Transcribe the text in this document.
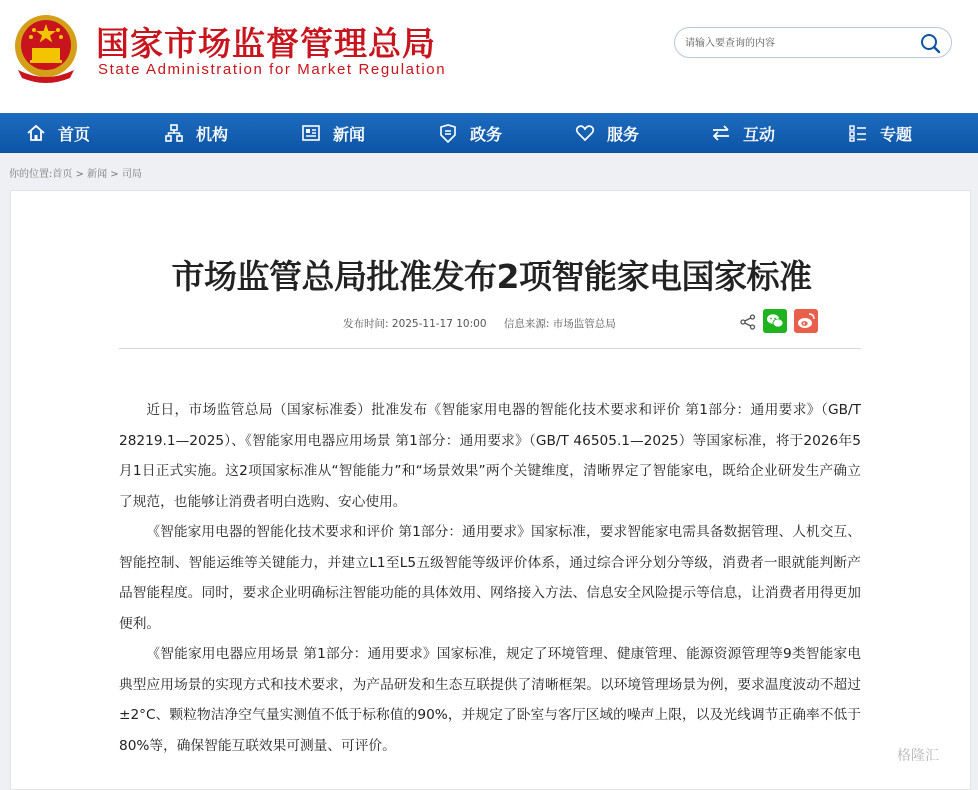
国家市场监督管理总局
State Administration for Market Regulation
请输入要查询的内容
首页	机构	新闻	政务	服务	互动	专题
你的位置:首页 > 新闻 > 司局
市场监管总局批准发布2项智能家电国家标准
发布时间: 2025-11-17 10:00 信息来源: 市场监管总局

近日，市场监管总局（国家标准委）批准发布《智能家用电器的智能化技术要求和评价 第1部分：通用要求》（GB/T 28219.1—2025）、《智能家用电器应用场景 第1部分：通用要求》（GB/T 46505.1—2025）等国家标准，将于2026年5月1日正式实施。这2项国家标准从“智能能力”和“场景效果”两个关键维度，清晰界定了智能家电，既给企业研发生产确立了规范，也能够让消费者明白选购、安心使用。

《智能家用电器的智能化技术要求和评价 第1部分：通用要求》国家标准，要求智能家电需具备数据管理、人机交互、智能控制、智能运维等关键能力，并建立L1至L5五级智能等级评价体系，通过综合评分划分等级，消费者一眼就能判断产品智能程度。同时，要求企业明确标注智能功能的具体效用、网络接入方法、信息安全风险提示等信息，让消费者用得更加便利。

《智能家用电器应用场景 第1部分：通用要求》国家标准，规定了环境管理、健康管理、能源资源管理等9类智能家电典型应用场景的实现方式和技术要求，为产品研发和生态互联提供了清晰框架。以环境管理场景为例，要求温度波动不超过±2°C、颗粒物洁净空气量实测值不低于标称值的90%，并规定了卧室与客厅区域的噪声上限，以及光线调节正确率不低于80%等，确保智能互联效果可测量、可评价。

格隆汇
